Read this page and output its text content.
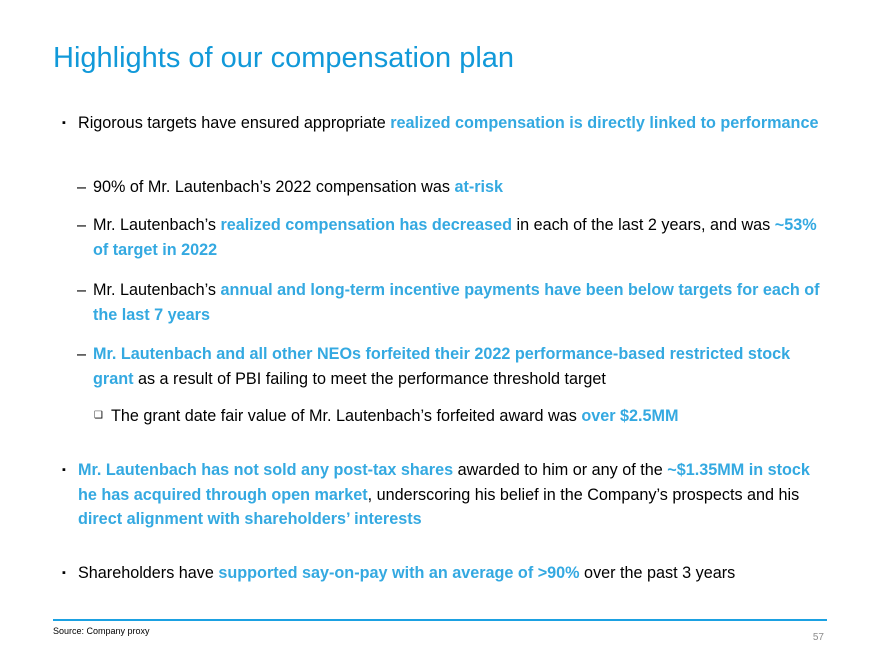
Highlights of our compensation plan
▪ Rigorous targets have ensured appropriate realized compensation is directly linked to performance
– 90% of Mr. Lautenbach’s 2022 compensation was at-risk
– Mr. Lautenbach’s realized compensation has decreased in each of the last 2 years, and was ~53% of target in 2022
– Mr. Lautenbach’s annual and long-term incentive payments have been below targets for each of the last 7 years
– Mr. Lautenbach and all other NEOs forfeited their 2022 performance-based restricted stock grant as a result of PBI failing to meet the performance threshold target
❑ The grant date fair value of Mr. Lautenbach’s forfeited award was over $2.5MM
▪ Mr. Lautenbach has not sold any post-tax shares awarded to him or any of the ~$1.35MM in stock he has acquired through open market, underscoring his belief in the Company’s prospects and his direct alignment with shareholders’ interests
▪ Shareholders have supported say-on-pay with an average of >90% over the past 3 years
Source: Company proxy
57
